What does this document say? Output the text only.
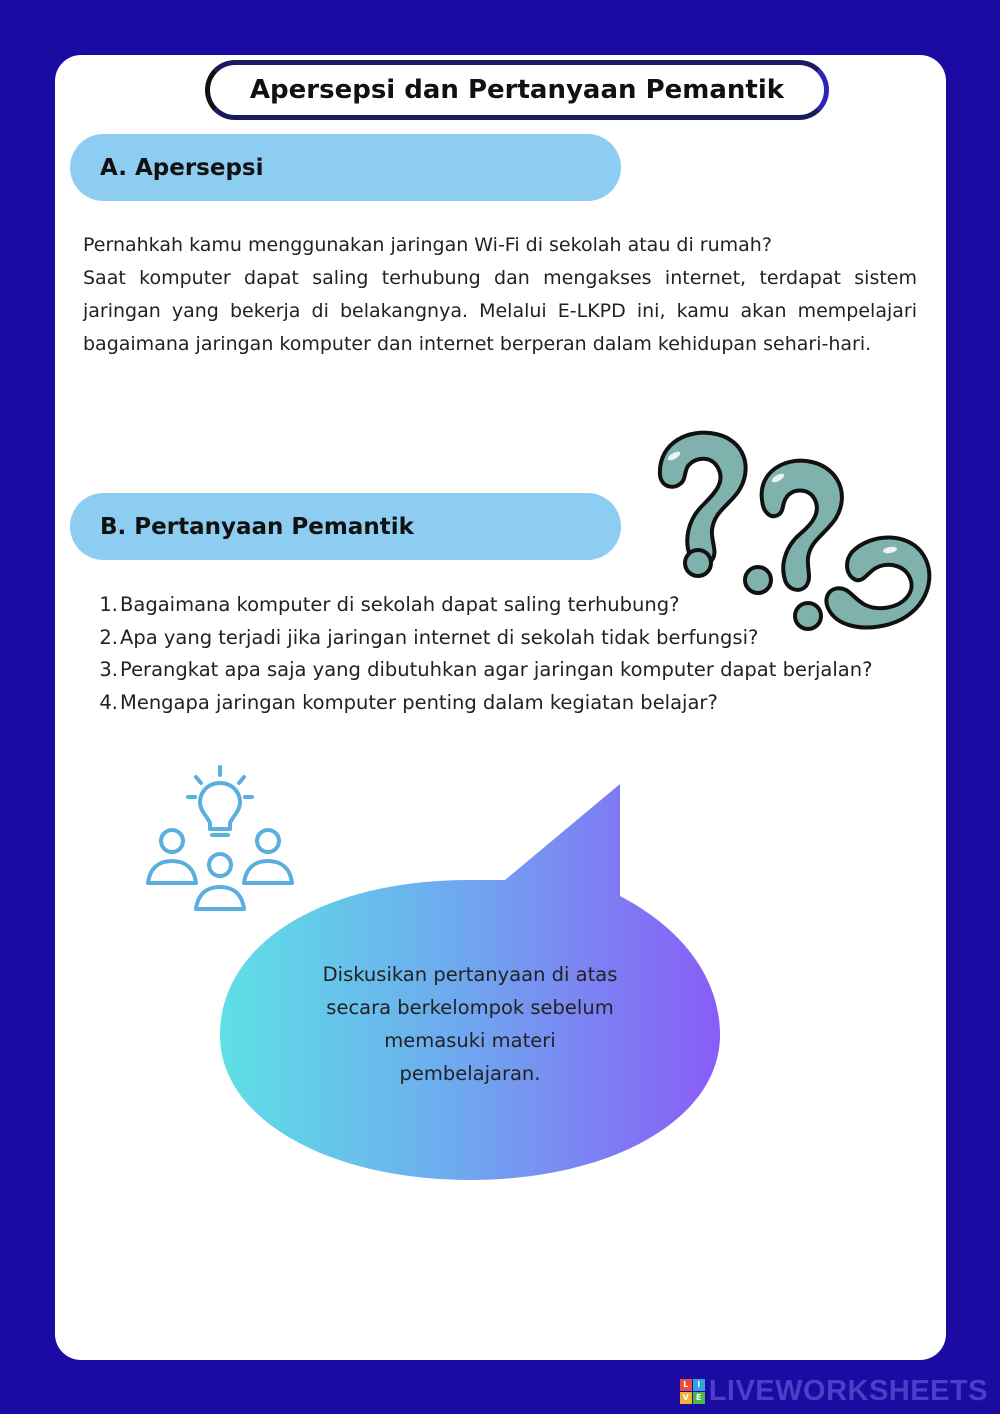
Apersepsi dan Pertanyaan Pemantik
A. Apersepsi

Pernahkah kamu menggunakan jaringan Wi-Fi di sekolah atau di rumah?

Saat komputer dapat saling terhubung dan mengakses internet, terdapat sistem jaringan yang bekerja di belakangnya. Melalui E-LKPD ini, kamu akan mempelajari bagaimana jaringan komputer dan internet berperan dalam kehidupan sehari-hari.

B. Pertanyaan Pemantik
1. Bagaimana komputer di sekolah dapat saling terhubung?
2. Apa yang terjadi jika jaringan internet di sekolah tidak berfungsi?
3. Perangkat apa saja yang dibutuhkan agar jaringan komputer dapat berjalan?
4. Mengapa jaringan komputer penting dalam kegiatan belajar?
Diskusikan pertanyaan di atas
secara berkelompok sebelum
memasuki materi
pembelajaran.
L	I
V E LIVEWORKSHEETS
